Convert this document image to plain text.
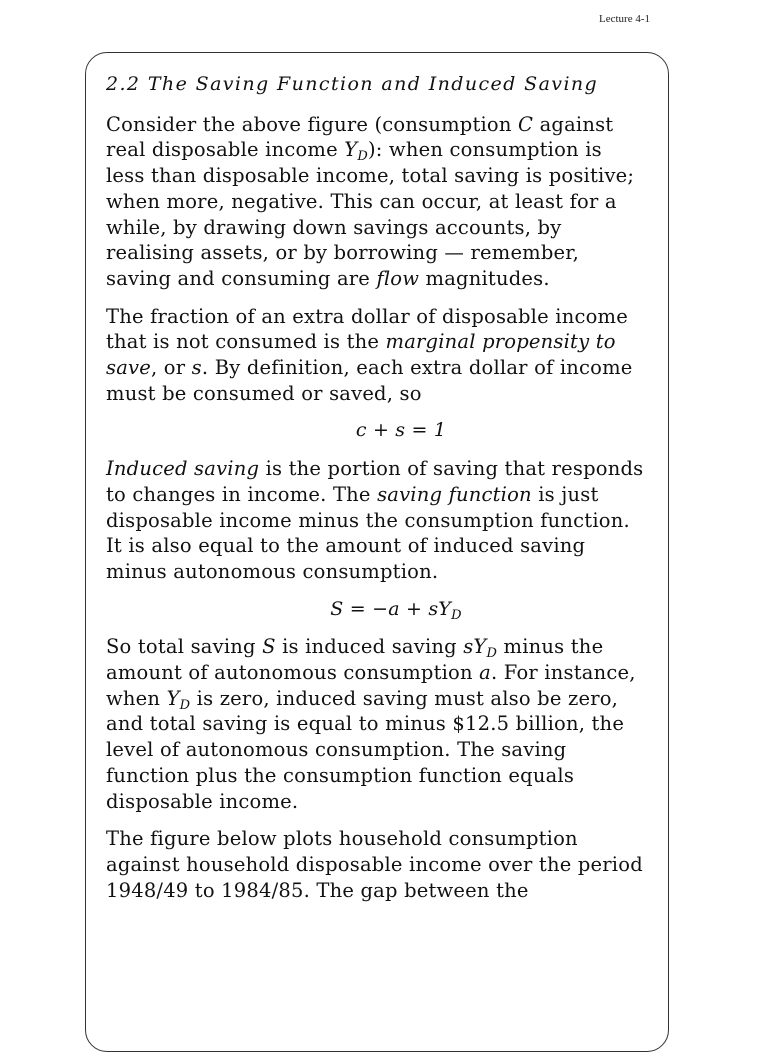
Lecture 4-1
2.2 The Saving Function and Induced Saving

Consider the above figure (consumption C against real disposable income $Y_D$): when consumption is less than disposable income, total saving is positive; when more, negative. This can occur, at least for a while, by drawing down savings accounts, by realising assets, or by borrowing — remember, saving and consuming are flow magnitudes.

The fraction of an extra dollar of disposable income that is not consumed is the marginal propensity to save, or s. By definition, each extra dollar of income must be consumed or saved, so

c + s = 1

Induced saving is the portion of saving that responds to changes in income. The saving function is just disposable income minus the consumption function. It is also equal to the amount of induced saving minus autonomous consumption.

$S = -a + sY_D$

So total saving S is induced saving $sY_D$ minus the amount of autonomous consumption a. For instance, when $Y_D$ is zero, induced saving must also be zero, and total saving is equal to minus $12.5 billion, the level of autonomous consumption. The saving function plus the consumption function equals disposable income.

The figure below plots household consumption against household disposable income over the period 1948/49 to 1984/85. The gap between the
